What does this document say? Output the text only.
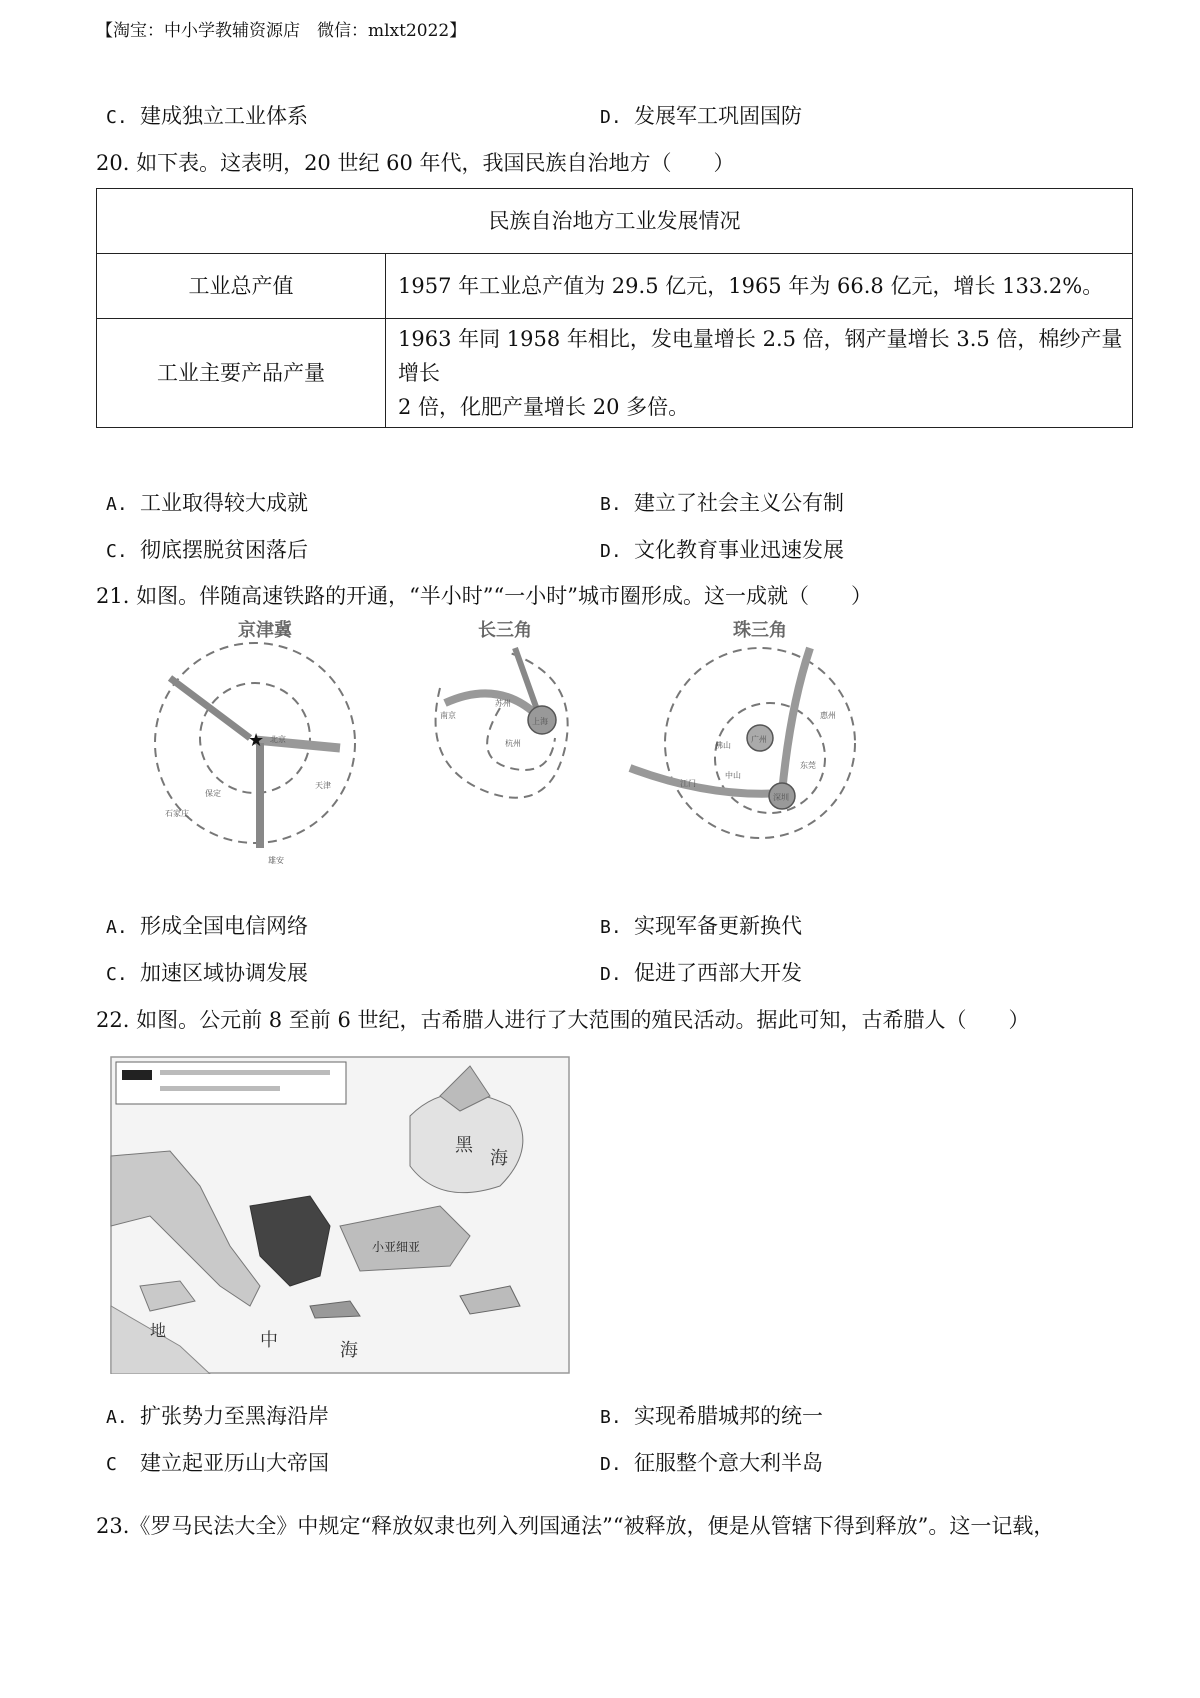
【淘宝：中小学教辅资源店　微信：mlxt2022】
C. 建成独立工业体系	D. 发展军工巩固国防
20. 如下表。这表明，20 世纪 60 年代，我国民族自治地方（　　）
民族自治地方工业发展情况	
工业总产值	1957 年工业总产值为 29.5 亿元，1965 年为 66.8 亿元，增长 133.2%。
工业主要产品产量	1963 年同 1958 年相比，发电量增长 2.5 倍，钢产量增长 3.5 倍，棉纱产量增长
2 倍，化肥产量增长 20 多倍。
A. 工业取得较大成就	B. 建立了社会主义公有制
C. 彻底摆脱贫困落后	D. 文化教育事业迅速发展
21. 如图。伴随高速铁路的开通，“半小时”“一小时”城市圈形成。这一成就（　　）
京津冀
★ 北京
石家庄
天津
保定
雄安
长三角
上海
杭州
苏州
南京
珠三角
广州
深圳
佛山
惠州
中山
江门
东莞
A. 形成全国电信网络	B. 实现军备更新换代
C. 加速区域协调发展	D. 促进了西部大开发
22. 如图。公元前 8 至前 6 世纪，古希腊人进行了大范围的殖民活动。据此可知，古希腊人（　　）
黑
海
中	海
小亚细亚
地
A. 扩张势力至黑海沿岸	B. 实现希腊城邦的统一
C 建立起亚历山大帝国	D. 征服整个意大利半岛
23.《罗马民法大全》中规定“释放奴隶也列入列国通法”“被释放，便是从管辖下得到释放”。这一记载，
